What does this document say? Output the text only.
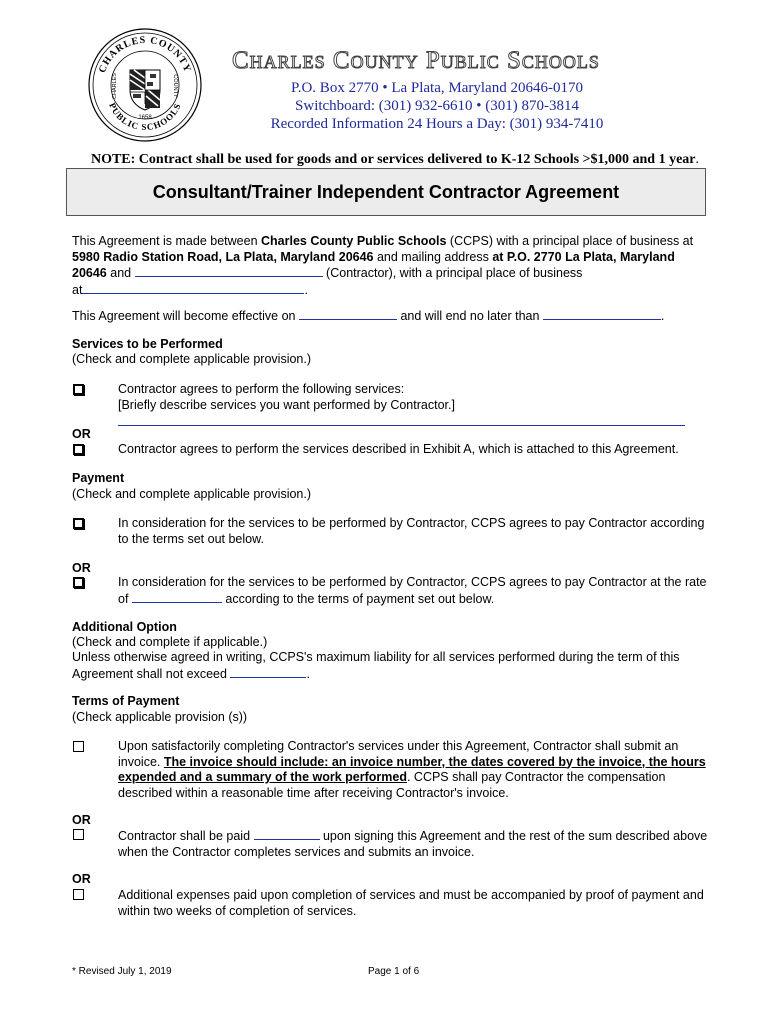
CHARLES COUNTY
PUBLIC SCHOOLS
CHARLES	COUNTY
1658
Charles County Public Schools
P.O. Box 2770 • La Plata, Maryland 20646-0170
Switchboard: (301) 932-6610 • (301) 870-3814
Recorded Information 24 Hours a Day: (301) 934-7410
NOTE: Contract shall be used for goods and or services delivered to K-12 Schools >$1,000 and 1 year.
Consultant/Trainer Independent Contractor Agreement
This Agreement is made between Charles County Public Schools (CCPS) with a principal place of business at
5980 Radio Station Road, La Plata, Maryland 20646 and mailing address at P.O. 2770 La Plata, Maryland
20646 and	(Contractor), with a principal place of business
at	.
This Agreement will become effective on	and will end no later than	.
Services to be Performed
(Check and complete applicable provision.)
Contractor agrees to perform the following services:
[Briefly describe services you want performed by Contractor.]
OR
Contractor agrees to perform the services described in Exhibit A, which is attached to this Agreement.
Payment
(Check and complete applicable provision.)
In consideration for the services to be performed by Contractor, CCPS agrees to pay Contractor according
to the terms set out below.
OR
In consideration for the services to be performed by Contractor, CCPS agrees to pay Contractor at the rate
of	according to the terms of payment set out below.
Additional Option
(Check and complete if applicable.)
Unless otherwise agreed in writing, CCPS's maximum liability for all services performed during the term of this
Agreement shall not exceed	.
Terms of Payment
(Check applicable provision (s))
Upon satisfactorily completing Contractor's services under this Agreement, Contractor shall submit an
invoice. The invoice should include: an invoice number, the dates covered by the invoice, the hours
expended and a summary of the work performed. CCPS shall pay Contractor the compensation
described within a reasonable time after receiving Contractor's invoice.
OR
Contractor shall be paid	upon signing this Agreement and the rest of the sum described above
when the Contractor completes services and submits an invoice.
OR
Additional expenses paid upon completion of services and must be accompanied by proof of payment and
within two weeks of completion of services.
* Revised July 1, 2019	Page 1 of 6
